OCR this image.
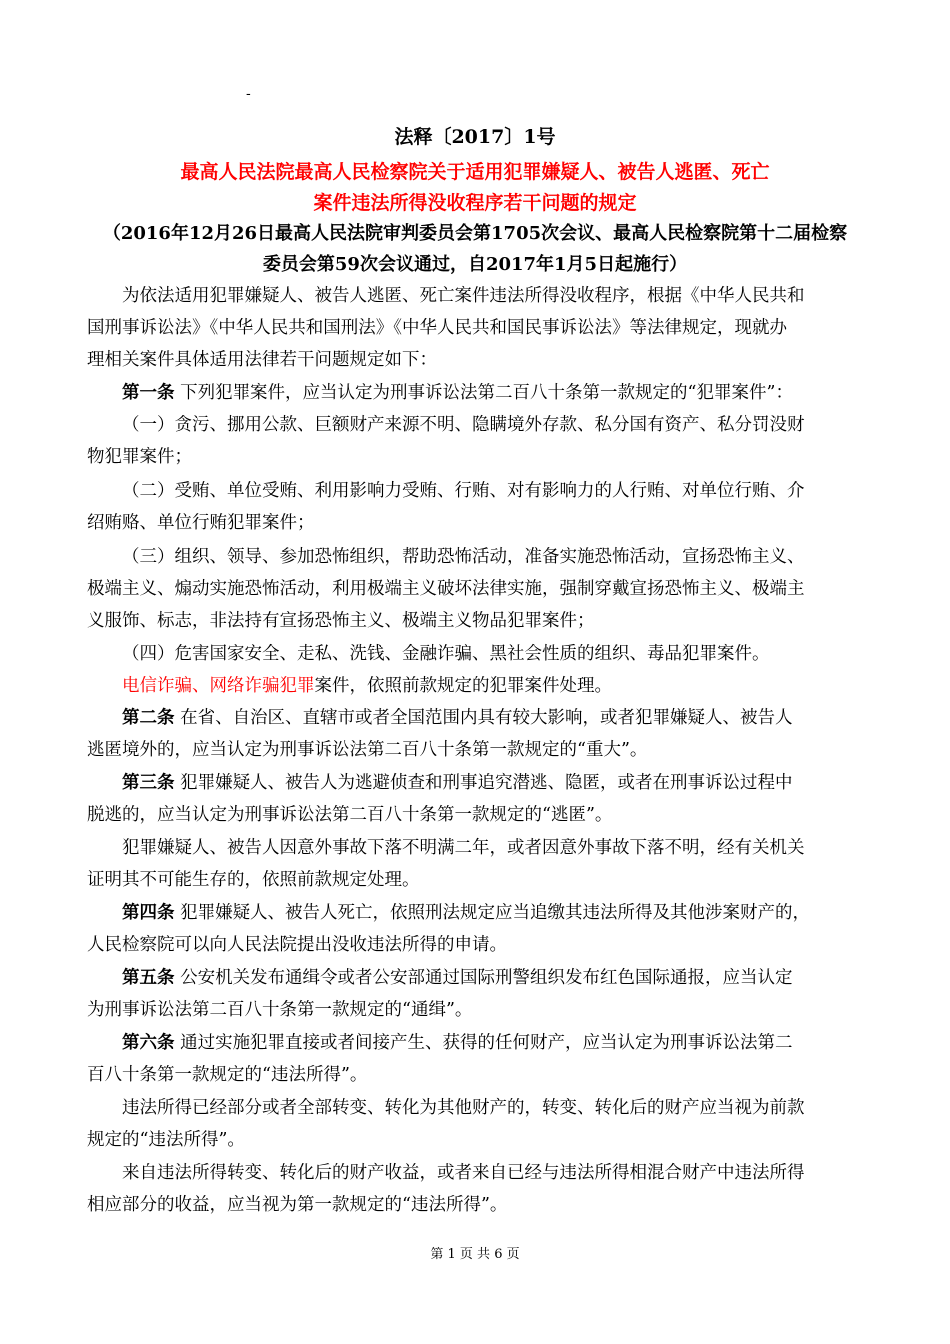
-
法释〔2017〕1号
最高人民法院最高人民检察院关于适用犯罪嫌疑人、被告人逃匿、死亡
案件违法所得没收程序若干问题的规定
（2016年12月26日最高人民法院审判委员会第1705次会议、最高人民检察院第十二届检察
委员会第59次会议通过，自2017年1月5日起施行）
为依法适用犯罪嫌疑人、被告人逃匿、死亡案件违法所得没收程序，根据《中华人民共和
国刑事诉讼法》《中华人民共和国刑法》《中华人民共和国民事诉讼法》等法律规定，现就办
理相关案件具体适用法律若干问题规定如下：
第一条 下列犯罪案件，应当认定为刑事诉讼法第二百八十条第一款规定的“犯罪案件”：
（一）贪污、挪用公款、巨额财产来源不明、隐瞒境外存款、私分国有资产、私分罚没财
物犯罪案件；
（二）受贿、单位受贿、利用影响力受贿、行贿、对有影响力的人行贿、对单位行贿、介
绍贿赂、单位行贿犯罪案件；
（三）组织、领导、参加恐怖组织，帮助恐怖活动，准备实施恐怖活动，宣扬恐怖主义、
极端主义、煽动实施恐怖活动，利用极端主义破坏法律实施，强制穿戴宣扬恐怖主义、极端主
义服饰、标志，非法持有宣扬恐怖主义、极端主义物品犯罪案件；
（四）危害国家安全、走私、洗钱、金融诈骗、黑社会性质的组织、毒品犯罪案件。
电信诈骗、网络诈骗犯罪案件，依照前款规定的犯罪案件处理。
第二条 在省、自治区、直辖市或者全国范围内具有较大影响，或者犯罪嫌疑人、被告人
逃匿境外的，应当认定为刑事诉讼法第二百八十条第一款规定的“重大”。
第三条 犯罪嫌疑人、被告人为逃避侦查和刑事追究潜逃、隐匿，或者在刑事诉讼过程中
脱逃的，应当认定为刑事诉讼法第二百八十条第一款规定的“逃匿”。
犯罪嫌疑人、被告人因意外事故下落不明满二年，或者因意外事故下落不明，经有关机关
证明其不可能生存的，依照前款规定处理。
第四条 犯罪嫌疑人、被告人死亡，依照刑法规定应当追缴其违法所得及其他涉案财产的，
人民检察院可以向人民法院提出没收违法所得的申请。
第五条 公安机关发布通缉令或者公安部通过国际刑警组织发布红色国际通报，应当认定
为刑事诉讼法第二百八十条第一款规定的“通缉”。
第六条 通过实施犯罪直接或者间接产生、获得的任何财产，应当认定为刑事诉讼法第二
百八十条第一款规定的“违法所得”。
违法所得已经部分或者全部转变、转化为其他财产的，转变、转化后的财产应当视为前款
规定的“违法所得”。
来自违法所得转变、转化后的财产收益，或者来自已经与违法所得相混合财产中违法所得
相应部分的收益，应当视为第一款规定的“违法所得”。
第 1 页 共 6 页
